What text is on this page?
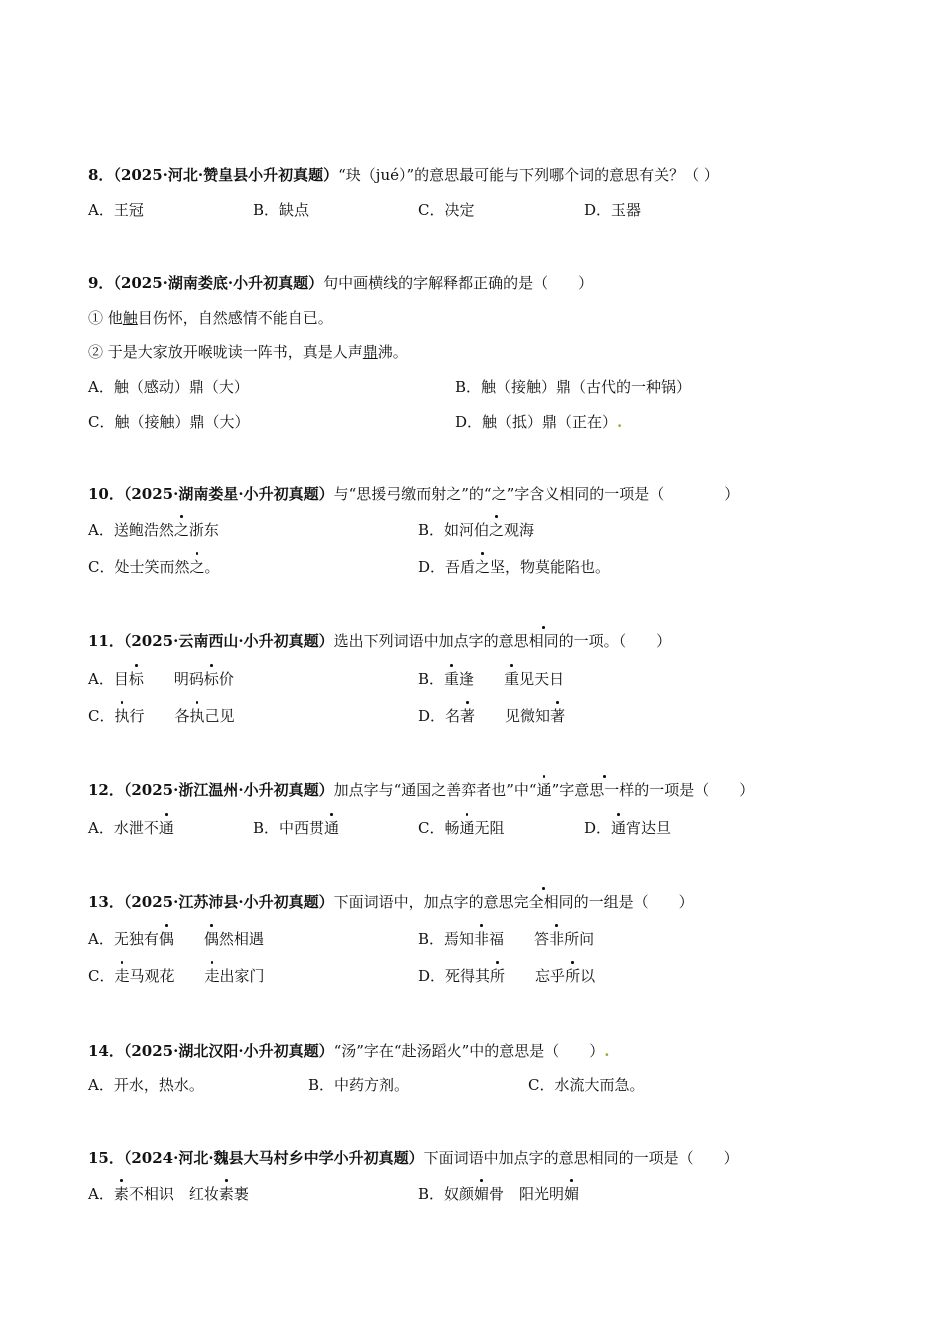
8．（2025·河北·赞皇县小升初真题）“玦（jué）”的意思最可能与下列哪个词的意思有关？（ ）
A．王冠	B．缺点	C．决定	D．玉器
9．（2025·湖南娄底·小升初真题）句中画横线的字解释都正确的是（　　）
① 他触目伤怀，自然感情不能自已。
② 于是大家放开喉咙读一阵书，真是人声鼎沸。
A．触（感动）鼎（大）	B．触（接触）鼎（古代的一种锅）
C．触（接触）鼎（大）	D．触（抵）鼎（正在）.
10．（2025·湖南娄星·小升初真题）与“思援弓缴而射之”的“之”字含义相同的一项是（　　　　）
A．送鲍浩然之浙东	B．如河伯之观海
C．处士笑而然之。	D．吾盾之坚，物莫能陷也。
11．（2025·云南西山·小升初真题）选出下列词语中加点字的意思相同的一项。（　　）
A．目标　　明码标价	B．重逢　　重见天日
C．执行　　各执己见	D．名著　　见微知著
12．（2025·浙江温州·小升初真题）加点字与“通国之善弈者也”中“通”字意思一样的一项是（　　）
A．水泄不通	B．中西贯通	C．畅通无阻	D．通宵达旦
13．（2025·江苏沛县·小升初真题）下面词语中，加点字的意思完全相同的一组是（　　）
A．无独有偶　　 偶然相遇	B．焉知非福　　答非所问
C．走马观花　　走出家门	D．死得其所　　忘乎所以
14．（2025·湖北汉阳·小升初真题）“汤”字在“赴汤蹈火”中的意思是（　　）.
A．开水，热水。	B．中药方剂。	C．水流大而急。
15．（2024·河北·魏县大马村乡中学小升初真题）下面词语中加点字的意思相同的一项是（　　）
A．素不相识　红妆素裹	B．奴颜媚骨　阳光明媚
